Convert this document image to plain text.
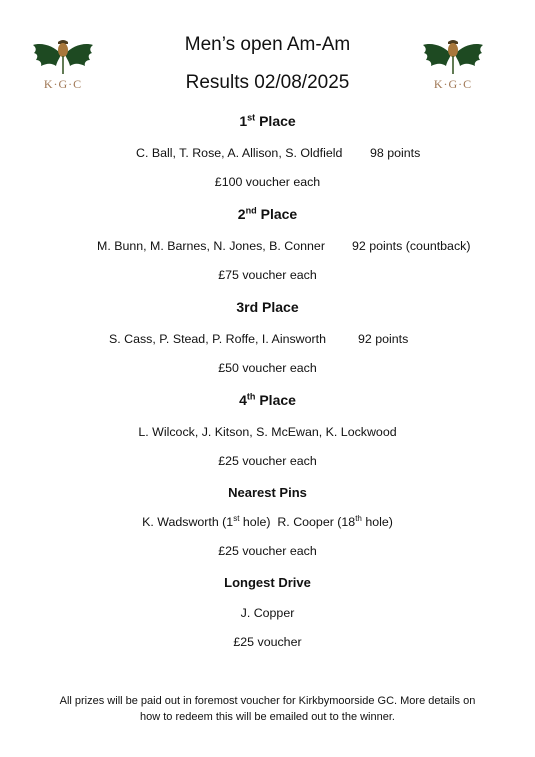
K·G·C	K·G·C
Men’s open Am-Am
Results 02/08/2025
1st Place
C. Ball, T. Rose, A. Allison, S. Oldfield 98 points
£100 voucher each
2nd Place
M. Bunn, M. Barnes, N. Jones, B. Conner 92 points (countback)
£75 voucher each
3rd Place
S. Cass, P. Stead, P. Roffe, I. Ainsworth	92 points
£50 voucher each
4th Place
L. Wilcock, J. Kitson, S. McEwan, K. Lockwood
£25 voucher each
Nearest Pins
K. Wadsworth (1st hole) R. Cooper (18th hole)
£25 voucher each
Longest Drive
J. Copper
£25 voucher
All prizes will be paid out in foremost voucher for Kirkbymoorside GC. More details on
how to redeem this will be emailed out to the winner.
